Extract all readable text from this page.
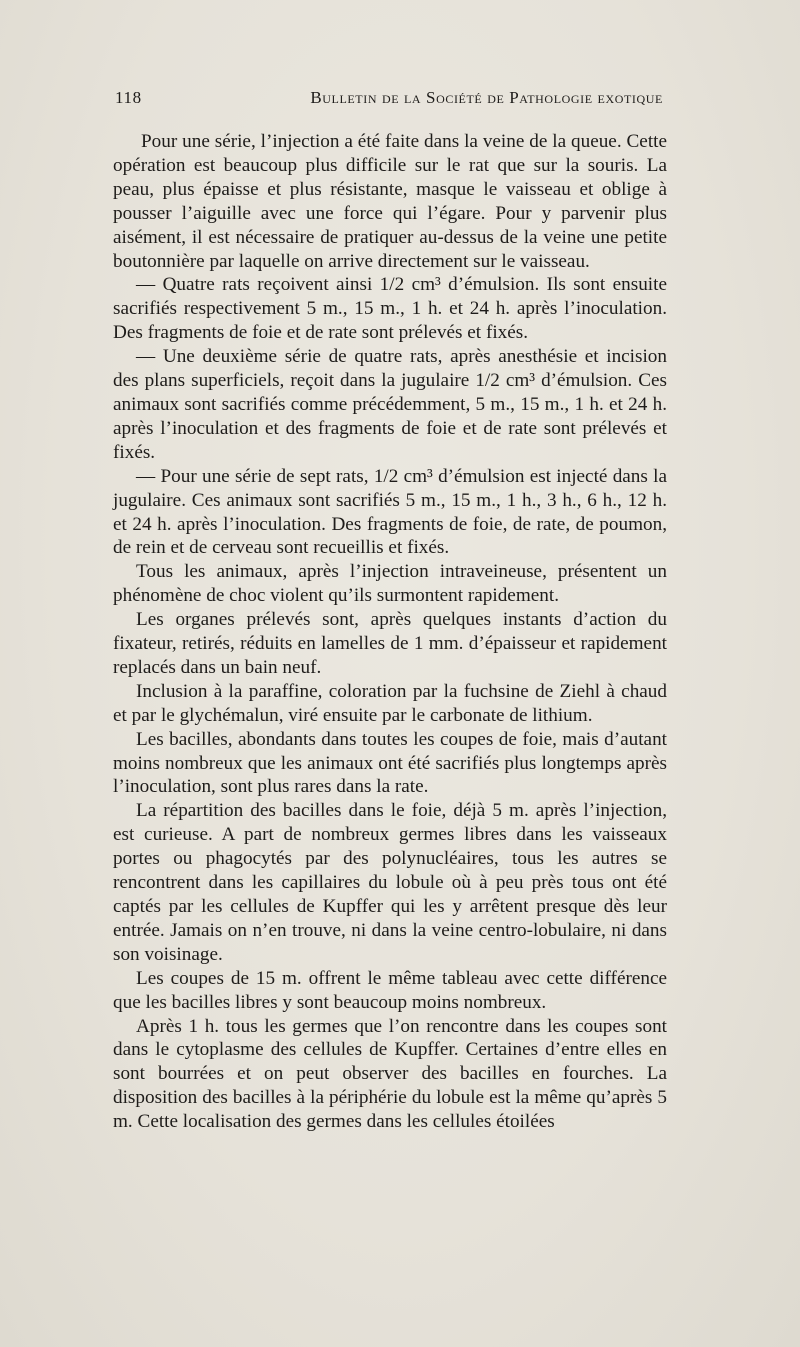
118	Bulletin de la Société de Pathologie exotique

Pour une série, l’injection a été faite dans la veine de la queue. Cette opération est beaucoup plus difficile sur le rat que sur la souris. La peau, plus épaisse et plus résistante, masque le vaisseau et oblige à pousser l’aiguille avec une force qui l’égare. Pour y parvenir plus aisément, il est nécessaire de pratiquer au-dessus de la veine une petite boutonnière par laquelle on arrive directement sur le vaisseau.

— Quatre rats reçoivent ainsi 1/2 cm³ d’émulsion. Ils sont ensuite sacrifiés respectivement 5 m., 15 m., 1 h. et 24 h. après l’inoculation. Des fragments de foie et de rate sont prélevés et fixés.

— Une deuxième série de quatre rats, après anesthésie et incision des plans superficiels, reçoit dans la jugulaire 1/2 cm³ d’émulsion. Ces animaux sont sacrifiés comme précédemment, 5 m., 15 m., 1 h. et 24 h. après l’inoculation et des fragments de foie et de rate sont prélevés et fixés.

— Pour une série de sept rats, 1/2 cm³ d’émulsion est injecté dans la jugulaire. Ces animaux sont sacrifiés 5 m., 15 m., 1 h., 3 h., 6 h., 12 h. et 24 h. après l’inoculation. Des fragments de foie, de rate, de poumon, de rein et de cerveau sont recueillis et fixés.

Tous les animaux, après l’injection intraveineuse, présentent un phénomène de choc violent qu’ils surmontent rapidement.

Les organes prélevés sont, après quelques instants d’action du fixateur, retirés, réduits en lamelles de 1 mm. d’épaisseur et rapidement replacés dans un bain neuf.

Inclusion à la paraffine, coloration par la fuchsine de Ziehl à chaud et par le glychémalun, viré ensuite par le carbonate de lithium.

Les bacilles, abondants dans toutes les coupes de foie, mais d’autant moins nombreux que les animaux ont été sacrifiés plus longtemps après l’inoculation, sont plus rares dans la rate.

La répartition des bacilles dans le foie, déjà 5 m. après l’injection, est curieuse. A part de nombreux germes libres dans les vaisseaux portes ou phagocytés par des polynucléaires, tous les autres se rencontrent dans les capillaires du lobule où à peu près tous ont été captés par les cellules de Kupffer qui les y arrêtent presque dès leur entrée. Jamais on n’en trouve, ni dans la veine centro-lobulaire, ni dans son voisinage.

Les coupes de 15 m. offrent le même tableau avec cette différence que les bacilles libres y sont beaucoup moins nombreux.

Après 1 h. tous les germes que l’on rencontre dans les coupes sont dans le cytoplasme des cellules de Kupffer. Certaines d’entre elles en sont bourrées et on peut observer des bacilles en fourches. La disposition des bacilles à la périphérie du lobule est la même qu’après 5 m. Cette localisation des germes dans les cellules étoilées
